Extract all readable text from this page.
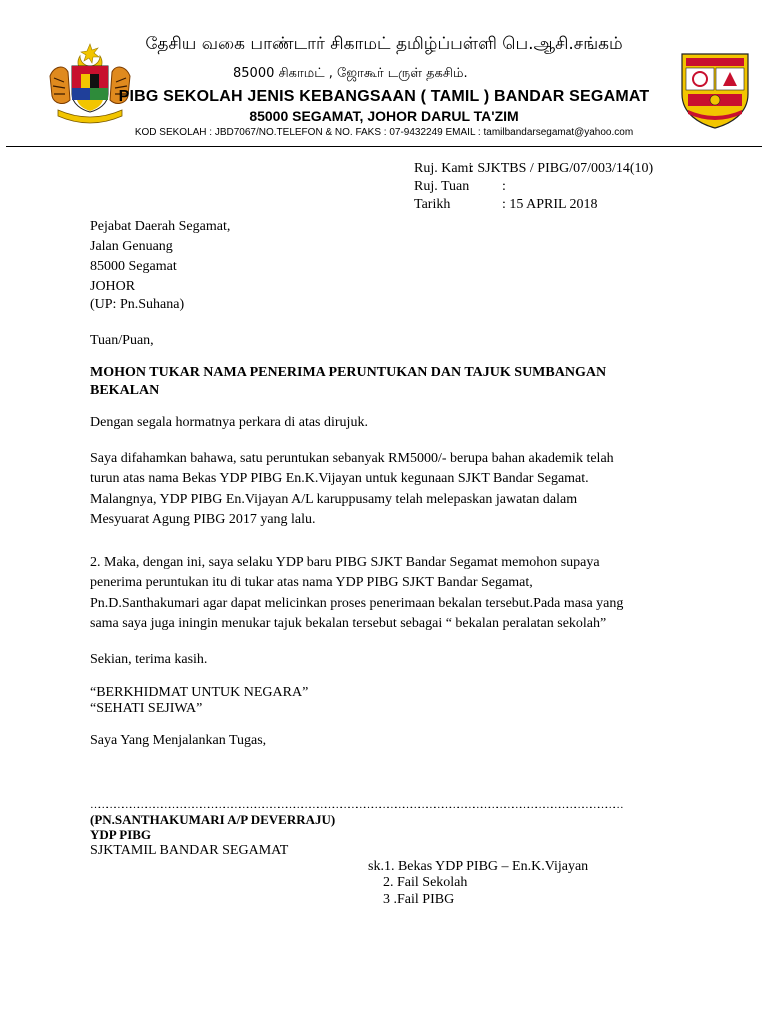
தேசிய வகை பாண்டார் சிகாமட் தமிழ்ப்பள்ளி பெ.ஆசி.சங்கம்
85000 சிகாமட் , ஜோகூர் டருள் தகசிம்.
PIBG SEKOLAH JENIS KEBANGSAAN ( TAMIL ) BANDAR SEGAMAT
85000 SEGAMAT, JOHOR DARUL TA'ZIM
KOD SEKOLAH : JBD7067/NO.TELEFON & NO. FAKS : 07-9432249 EMAIL : tamilbandarsegamat@yahoo.com
Ruj. Kami
: SJKTBS / PIBG/07/003/14(10)
Ruj. Tuan :
Tarikh	: 15 APRIL 2018
Pejabat Daerah Segamat,
Jalan Genuang
85000 Segamat
JOHOR
(UP: Pn.Suhana)
Tuan/Puan,
MOHON TUKAR NAMA PENERIMA PERUNTUKAN DAN TAJUK SUMBANGAN
BEKALAN
Dengan segala hormatnya perkara di atas dirujuk.
Saya difahamkan bahawa, satu peruntukan sebanyak RM5000/- berupa bahan akademik telah
turun atas nama Bekas YDP PIBG En.K.Vijayan untuk kegunaan SJKT Bandar Segamat.
Malangnya, YDP PIBG En.Vijayan A/L karuppusamy telah melepaskan jawatan dalam
Mesyuarat Agung PIBG 2017 yang lalu.
2. Maka, dengan ini, saya selaku YDP baru PIBG SJKT Bandar Segamat memohon supaya
penerima peruntukan itu di tukar atas nama YDP PIBG SJKT Bandar Segamat,
Pn.D.Santhakumari agar dapat melicinkan proses penerimaan bekalan tersebut.Pada masa yang
sama saya juga iningin menukar tajuk bekalan tersebut sebagai “ bekalan peralatan sekolah”
Sekian, terima kasih.
“BERKHIDMAT UNTUK NEGARA”
“SEHATI SEJIWA”
Saya Yang Menjalankan Tugas,
……………………………………………………………………………………………………………………………………………………………………………………
(PN.SANTHAKUMARI A/P DEVERRAJU)
YDP PIBG
SJKTAMIL BANDAR SEGAMAT
sk.1. Bekas YDP PIBG – En.K.Vijayan
2. Fail Sekolah
3 .Fail PIBG
